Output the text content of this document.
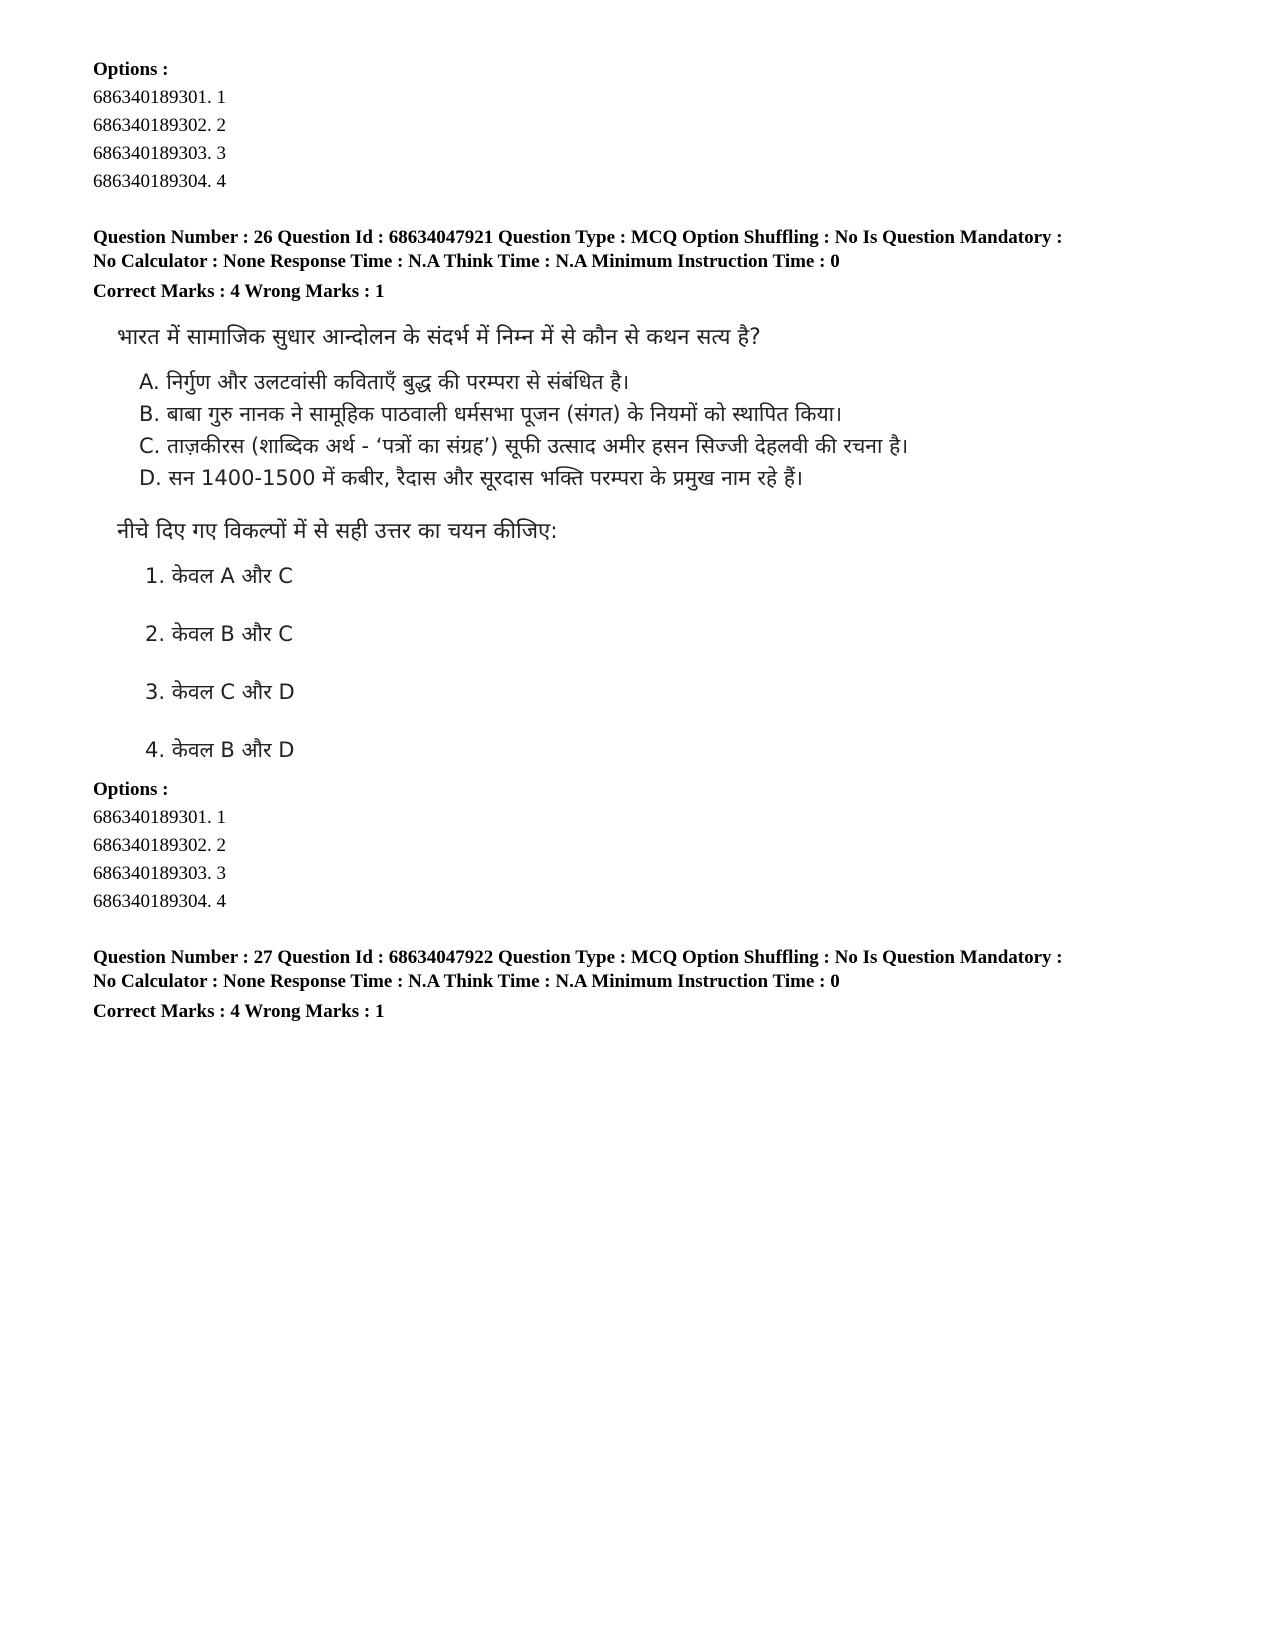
Options :
686340189301. 1
686340189302. 2
686340189303. 3
686340189304. 4
Question Number : 26 Question Id : 68634047921 Question Type : MCQ Option Shuffling : No Is Question Mandatory :
No Calculator : None Response Time : N.A Think Time : N.A Minimum Instruction Time : 0
Correct Marks : 4 Wrong Marks : 1
भारत में सामाजिक सुधार आन्दोलन के संदर्भ में निम्न में से कौन से कथन सत्य है?
A. निर्गुण और उलटवांसी कविताएँ बुद्ध की परम्परा से संबंधित है।
B. बाबा गुरु नानक ने सामूहिक पाठवाली धर्मसभा पूजन (संगत) के नियमों को स्थापित किया।
C. ताज़कीरस (शाब्दिक अर्थ - ‘पत्रों का संग्रह’) सूफी उत्साद अमीर हसन सिज्जी देहलवी की रचना है।
D. सन 1400-1500 में कबीर, रैदास और सूरदास भक्ति परम्परा के प्रमुख नाम रहे हैं।
नीचे दिए गए विकल्पों में से सही उत्तर का चयन कीजिए:
1. केवल A और C
2. केवल B और C
3. केवल C और D
4. केवल B और D
Options :
686340189301. 1
686340189302. 2
686340189303. 3
686340189304. 4
Question Number : 27 Question Id : 68634047922 Question Type : MCQ Option Shuffling : No Is Question Mandatory :
No Calculator : None Response Time : N.A Think Time : N.A Minimum Instruction Time : 0
Correct Marks : 4 Wrong Marks : 1
